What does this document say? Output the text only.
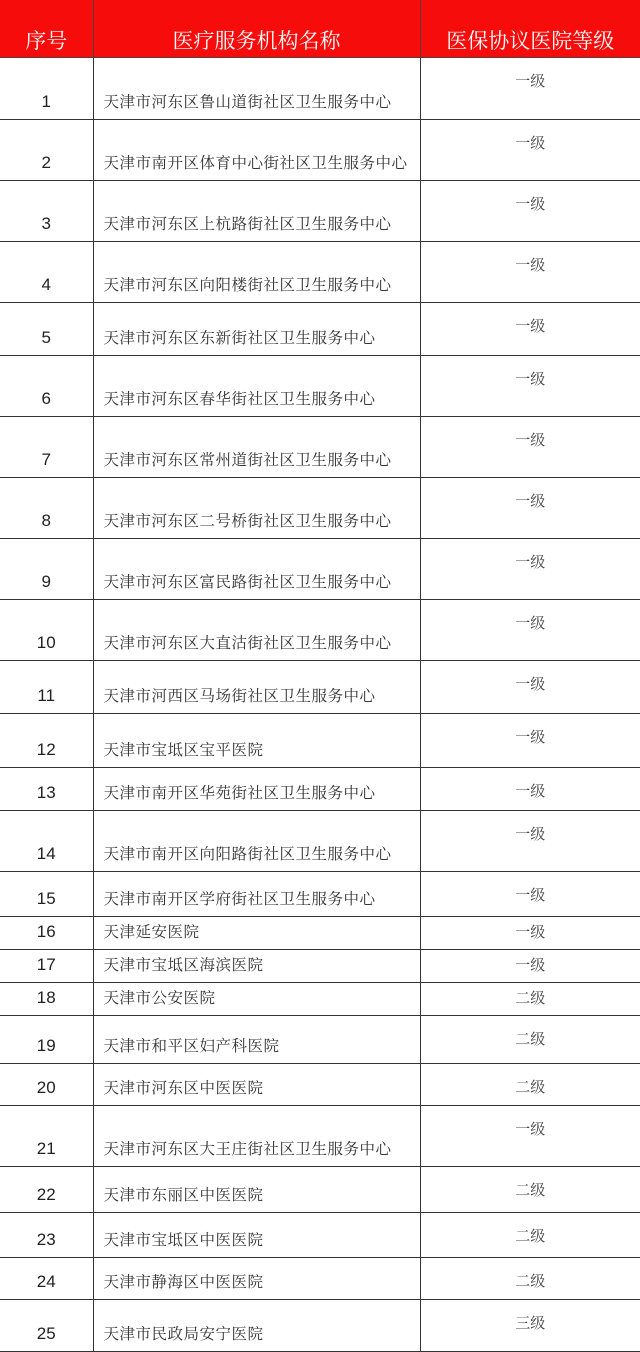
序号	医疗服务机构名称	医保协议医院等级
1	天津市河东区鲁山道街社区卫生服务中心	一级
2	天津市南开区体育中心街社区卫生服务中心	一级
3	天津市河东区上杭路街社区卫生服务中心	一级
4	天津市河东区向阳楼街社区卫生服务中心	一级
5	天津市河东区东新街社区卫生服务中心	一级
6	天津市河东区春华街社区卫生服务中心	一级
7	天津市河东区常州道街社区卫生服务中心	一级
8	天津市河东区二号桥街社区卫生服务中心	一级
9	天津市河东区富民路街社区卫生服务中心	一级
10	天津市河东区大直沽街社区卫生服务中心	一级
11	天津市河西区马场街社区卫生服务中心	一级
12	天津市宝坻区宝平医院	一级
13	天津市南开区华苑街社区卫生服务中心	一级
14	天津市南开区向阳路街社区卫生服务中心	一级
15	天津市南开区学府街社区卫生服务中心	一级
16	天津延安医院	一级
17	天津市宝坻区海滨医院	一级
18	天津市公安医院	二级
19	天津市和平区妇产科医院	二级
20	天津市河东区中医医院	二级
21	天津市河东区大王庄街社区卫生服务中心	一级
22	天津市东丽区中医医院	二级
23	天津市宝坻区中医医院	二级
24	天津市静海区中医医院	二级
25	天津市民政局安宁医院	三级
